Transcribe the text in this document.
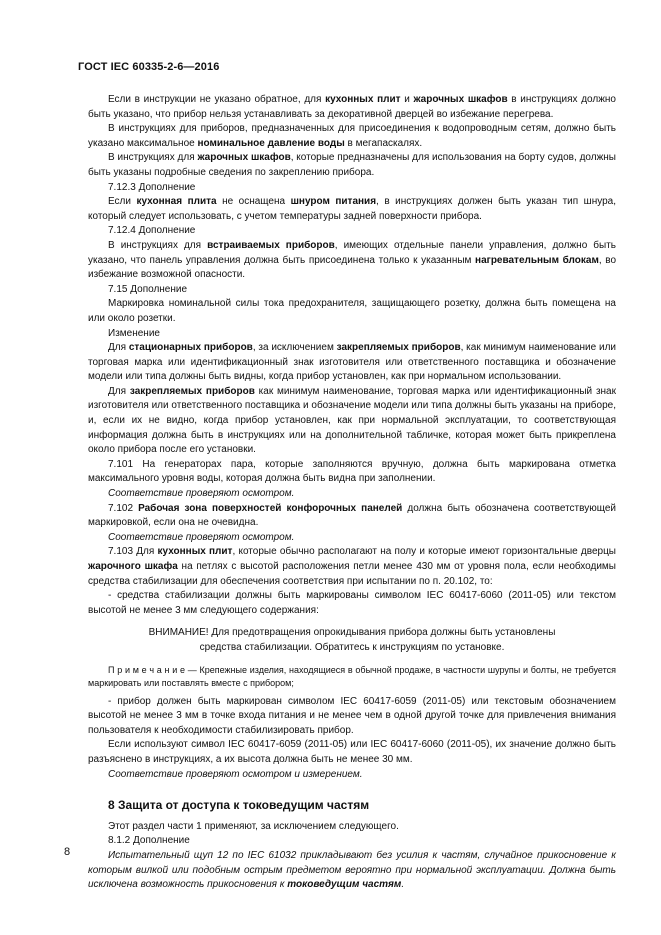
ГОСТ IEC 60335-2-6—2016

Если в инструкции не указано обратное, для кухонных плит и жарочных шкафов в инструкциях должно быть указано, что прибор нельзя устанавливать за декоративной дверцей во избежание перегрева.

В инструкциях для приборов, предназначенных для присоединения к водопроводным сетям, должно быть указано максимальное номинальное давление воды в мегапаскалях.

В инструкциях для жарочных шкафов, которые предназначены для использования на борту судов, должны быть указаны подробные сведения по закреплению прибора.

7.12.3 Дополнение

Если кухонная плита не оснащена шнуром питания, в инструкциях должен быть указан тип шнура, который следует использовать, с учетом температуры задней поверхности прибора.

7.12.4 Дополнение

В инструкциях для встраиваемых приборов, имеющих отдельные панели управления, должно быть указано, что панель управления должна быть присоединена только к указанным нагревательным блокам, во избежание возможной опасности.

7.15 Дополнение

Маркировка номинальной силы тока предохранителя, защищающего розетку, должна быть помещена на или около розетки.

Изменение

Для стационарных приборов, за исключением закрепляемых приборов, как минимум наименование или торговая марка или идентификационный знак изготовителя или ответственного поставщика и обозначение модели или типа должны быть видны, когда прибор установлен, как при нормальном использовании.

Для закрепляемых приборов как минимум наименование, торговая марка или идентификационный знак изготовителя или ответственного поставщика и обозначение модели или типа должны быть указаны на приборе, и, если их не видно, когда прибор установлен, как при нормальной эксплуатации, то соответствующая информация должна быть в инструкциях или на дополнительной табличке, которая может быть прикреплена около прибора после его установки.

7.101 На генераторах пара, которые заполняются вручную, должна быть маркирована отметка максимального уровня воды, которая должна быть видна при заполнении.

Соответствие проверяют осмотром.

7.102 Рабочая зона поверхностей конфорочных панелей должна быть обозначена соответствующей маркировкой, если она не очевидна.

Соответствие проверяют осмотром.

7.103 Для кухонных плит, которые обычно располагают на полу и которые имеют горизонтальные дверцы жарочного шкафа на петлях с высотой расположения петли менее 430 мм от уровня пола, если необходимы средства стабилизации для обеспечения соответствия при испытании по п. 20.102, то:

- средства стабилизации должны быть маркированы символом IEC 60417-6060 (2011-05) или текстом высотой не менее 3 мм следующего содержания:

ВНИМАНИЕ! Для предотвращения опрокидывания прибора должны быть установлены
средства стабилизации. Обратитесь к инструкциям по установке.

П р и м е ч а н и е — Крепежные изделия, находящиеся в обычной продаже, в частности шурупы и болты, не требуется маркировать или поставлять вместе с прибором;

- прибор должен быть маркирован символом IEC 60417-6059 (2011-05) или текстовым обозначением высотой не менее 3 мм в точке входа питания и не менее чем в одной другой точке для привлечения внимания пользователя к необходимости стабилизировать прибор.

Если используют символ IEC 60417-6059 (2011-05) или IEC 60417-6060 (2011-05), их значение должно быть разъяснено в инструкциях, а их высота должна быть не менее 30 мм.

Соответствие проверяют осмотром и измерением.

8 Защита от доступа к токоведущим частям

Этот раздел части 1 применяют, за исключением следующего.

8.1.2 Дополнение

Испытательный щуп 12 по IEC 61032 прикладывают без усилия к частям, случайное прикосновение к которым вилкой или подобным острым предметом вероятно при нормальной эксплуатации. Должна быть исключена возможность прикосновения к токоведущим частям.

8
